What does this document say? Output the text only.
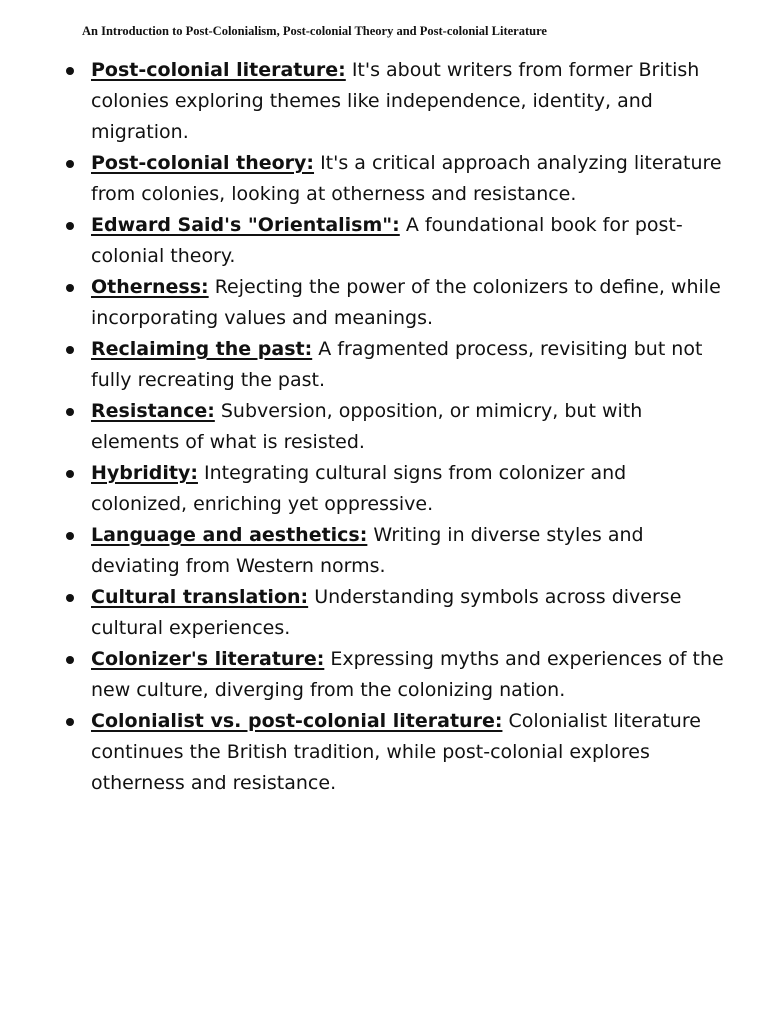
An Introduction to Post-Colonialism, Post-colonial Theory and Post-colonial Literature

Post-colonial literature: It's about writers from former British colonies exploring themes like independence, identity, and migration.
Post-colonial theory: It's a critical approach analyzing literature from colonies, looking at otherness and resistance.
Edward Said's "Orientalism": A foundational book for post-colonial theory.
Otherness: Rejecting the power of the colonizers to define, while incorporating values and meanings.
Reclaiming the past: A fragmented process, revisiting but not fully recreating the past.
Resistance: Subversion, opposition, or mimicry, but with elements of what is resisted.
Hybridity: Integrating cultural signs from colonizer and colonized, enriching yet oppressive.
Language and aesthetics: Writing in diverse styles and deviating from Western norms.
Cultural translation: Understanding symbols across diverse cultural experiences.
Colonizer's literature: Expressing myths and experiences of the new culture, diverging from the colonizing nation.
Colonialist vs. post-colonial literature: Colonialist literature continues the British tradition, while post-colonial explores otherness and resistance.
